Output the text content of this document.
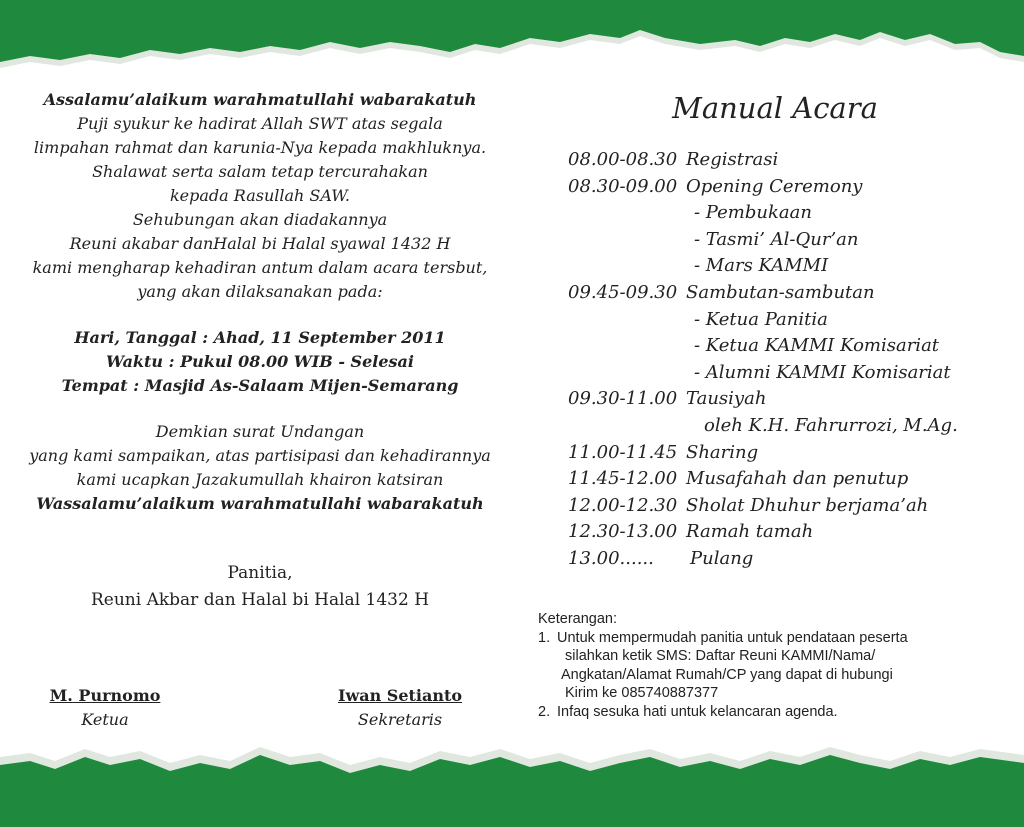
Assalamu’alaikum warahmatullahi wabarakatuh
Puji syukur ke hadirat Allah SWT atas segala
limpahan rahmat dan karunia-Nya kepada makhluknya.
Shalawat serta salam tetap tercurahakan
kepada Rasullah SAW.
Sehubungan akan diadakannya
Reuni akabar danHalal bi Halal syawal 1432 H
kami mengharap kehadiran antum dalam acara tersbut,
yang akan dilaksanakan pada:
Hari, Tanggal : Ahad, 11 September 2011
Waktu : Pukul 08.00 WIB - Selesai
Tempat : Masjid As-Salaam Mijen-Semarang
Demkian surat Undangan
yang kami sampaikan, atas partisipasi dan kehadirannya
kami ucapkan Jazakumullah khairon katsiran
Wassalamu’alaikum warahmatullahi wabarakatuh
Panitia,
Reuni Akbar dan Halal bi Halal 1432 H
M. Purnomo
Ketua
Iwan Setianto
Sekretaris
Manual Acara
08.00-08.30 Registrasi
08.30-09.00 Opening Ceremony
- Pembukaan
- Tasmi’ Al-Qur’an
- Mars KAMMI
09.45-09.30 Sambutan-sambutan
- Ketua Panitia
- Ketua KAMMI Komisariat
- Alumni KAMMI Komisariat
09.30-11.00 Tausiyah
oleh K.H. Fahrurrozi, M.Ag.
11.00-11.45 Sharing
11.45-12.00 Musafahah dan penutup
12.00-12.30 Sholat Dhuhur berjama’ah
12.30-13.00 Ramah tamah
13.00...... Pulang
Keterangan:
1. Untuk mempermudah panitia untuk pendataan peserta
silahkan ketik SMS: Daftar Reuni KAMMI/Nama/
Angkatan/Alamat Rumah/CP yang dapat di hubungi
Kirim ke 085740887377
2. Infaq sesuka hati untuk kelancaran agenda.
